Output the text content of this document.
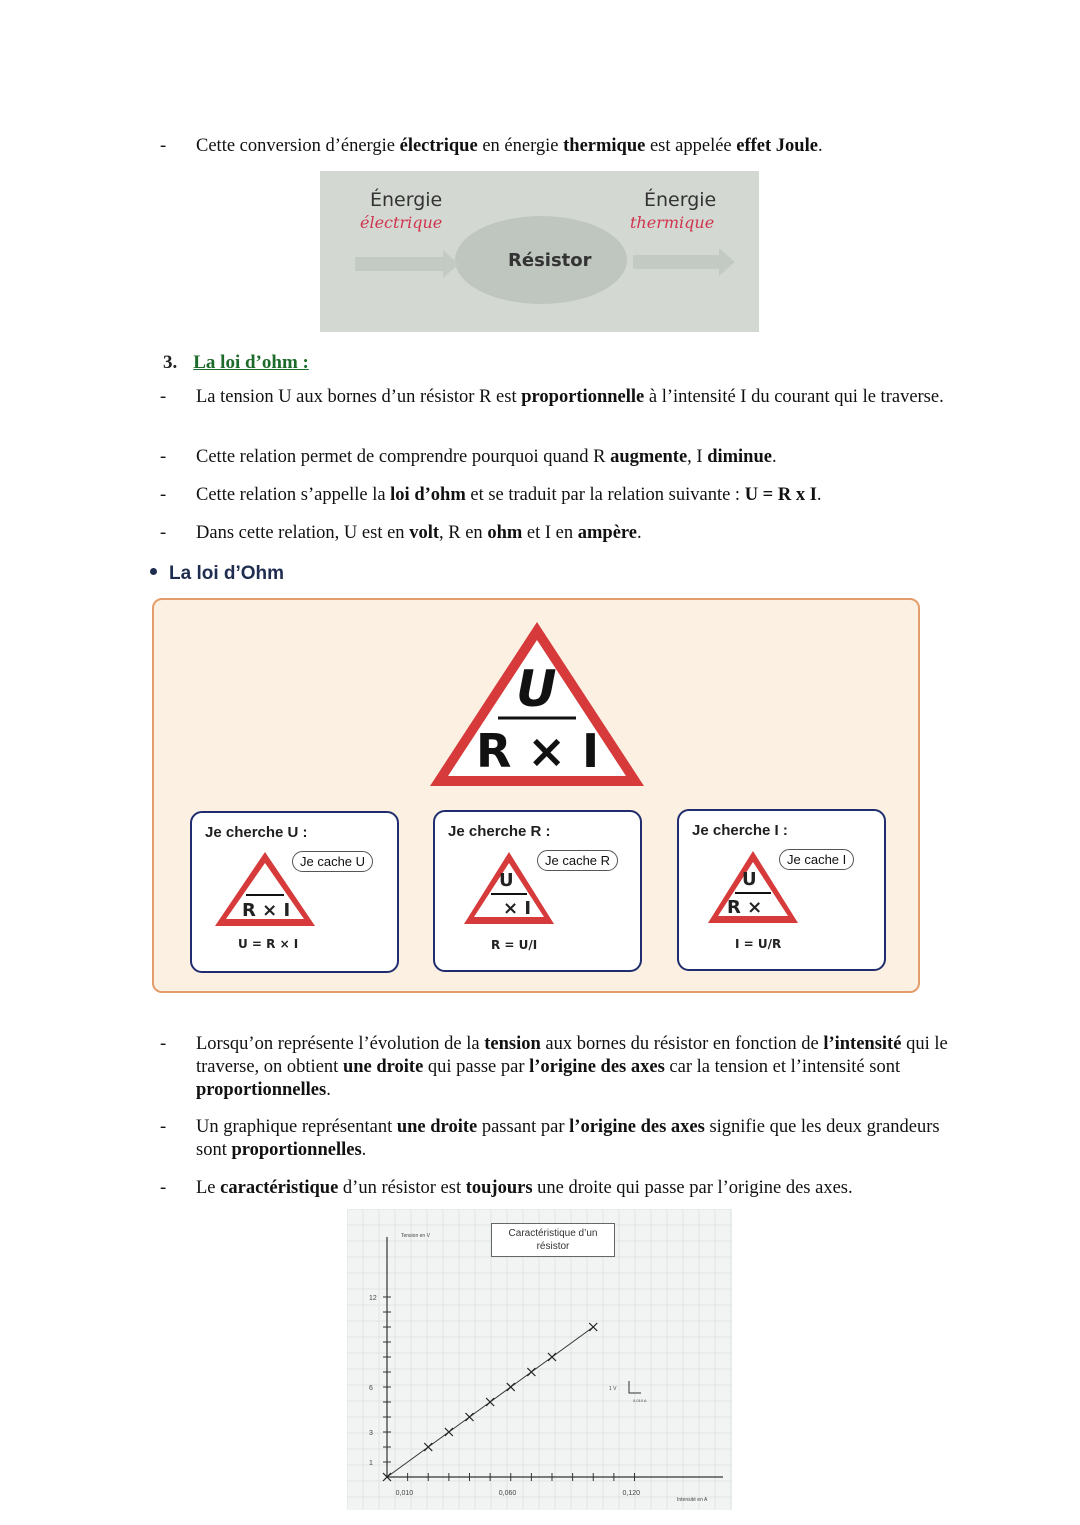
-	Cette conversion d’énergie électrique en énergie thermique est appelée effet Joule.
Énergie
électrique
Résistor
Énergie
thermique
3. La loi d’ohm :
-	La tension U aux bornes d’un résistor R est proportionnelle à l’intensité I du courant qui le traverse.
-	Cette relation permet de comprendre pourquoi quand R augmente, I diminue.
-	Cette relation s’appelle la loi d’ohm et se traduit par la relation suivante : U = R x I.
-	Dans cette relation, U est en volt, R en ohm et I en ampère.
La loi d’Ohm
U
R × I
Je cherche U :
R × I
Je cache U
U = R × I
Je cherche R :
U
× I
Je cache R
R = U/I
Je cherche I :
U
R ×
Je cache I
I = U/R
-	Lorsqu’on représente l’évolution de la tension aux bornes du résistor en fonction de l’intensité qui le traverse, on obtient une droite qui passe par l’origine des axes car la tension et l’intensité sont proportionnelles.
-	Un graphique représentant une droite passant par l’origine des axes signifie que les deux grandeurs sont proportionnelles.
-	Le caractéristique d’un résistor est toujours une droite qui passe par l’origine des axes.
Tension en V
Intensité en A
1
3
6
12
0,010	0,060	0,120
1 V
0,010 A
Caractéristique d’un résistor
